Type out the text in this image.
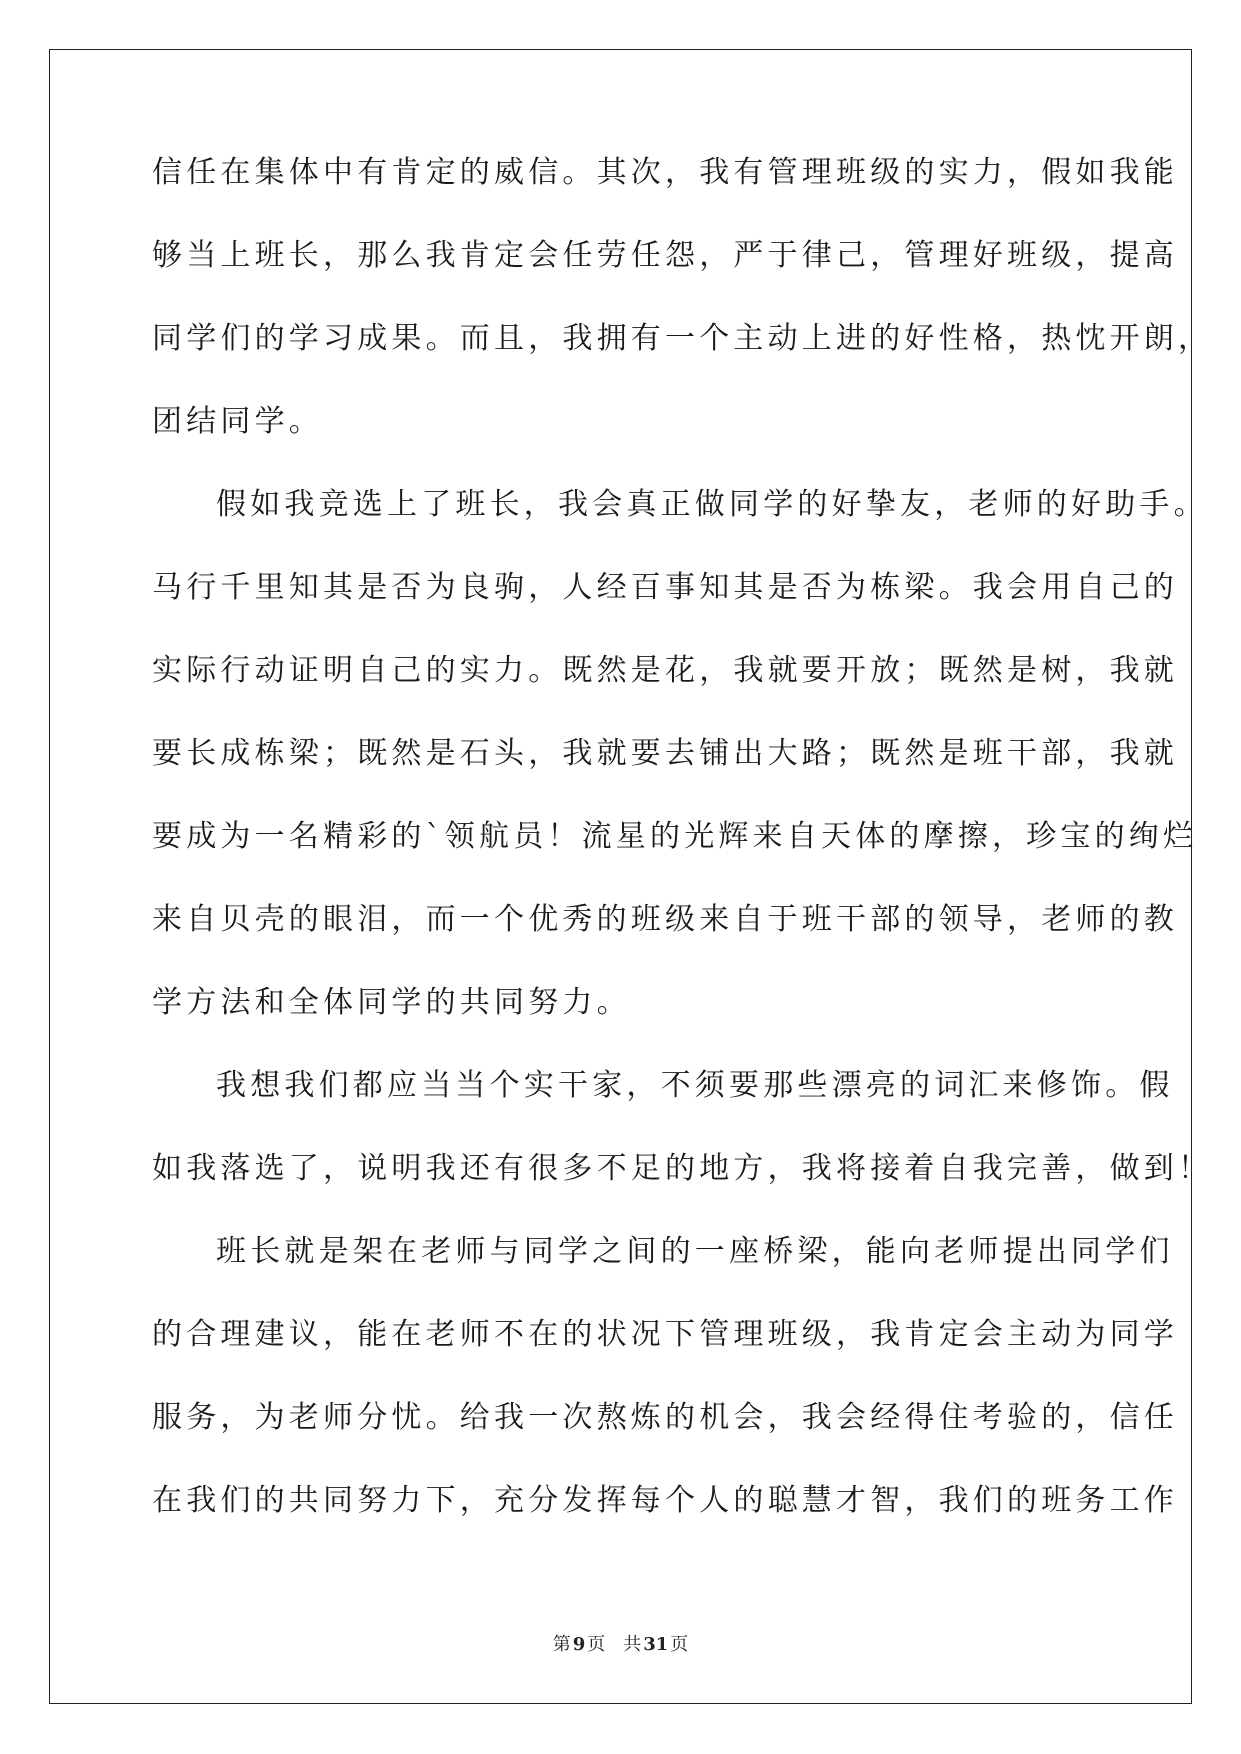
信任在集体中有肯定的威信。其次，我有管理班级的实力，假如我能
够当上班长，那么我肯定会任劳任怨，严于律己，管理好班级，提高
同学们的学习成果。而且，我拥有一个主动上进的好性格，热忱开朗，
团结同学。
假如我竞选上了班长，我会真正做同学的好挚友，老师的好助手。
马行千里知其是否为良驹，人经百事知其是否为栋梁。我会用自己的
实际行动证明自己的实力。既然是花，我就要开放；既然是树，我就
要长成栋梁；既然是石头，我就要去铺出大路；既然是班干部，我就
要成为一名精彩的`领航员！流星的光辉来自天体的摩擦，珍宝的绚烂
来自贝壳的眼泪，而一个优秀的班级来自于班干部的领导，老师的教
学方法和全体同学的共同努力。
我想我们都应当当个实干家，不须要那些漂亮的词汇来修饰。假
如我落选了，说明我还有很多不足的地方，我将接着自我完善，做到！
班长就是架在老师与同学之间的一座桥梁，能向老师提出同学们
的合理建议，能在老师不在的状况下管理班级，我肯定会主动为同学
服务，为老师分忧。给我一次熬炼的机会，我会经得住考验的，信任
在我们的共同努力下，充分发挥每个人的聪慧才智，我们的班务工作
第 9 页 共 31 页
